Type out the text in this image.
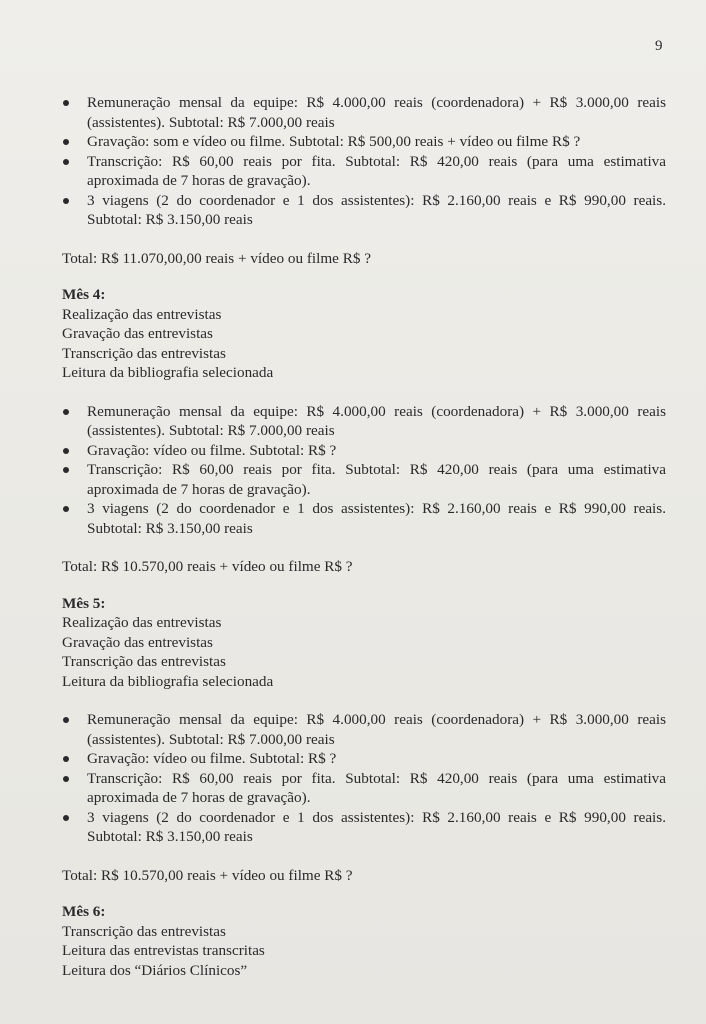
9
Remuneração mensal da equipe: R$ 4.000,00 reais (coordenadora) + R$ 3.000,00 reais (assistentes). Subtotal: R$ 7.000,00 reais
Gravação: som e vídeo ou filme. Subtotal: R$ 500,00 reais + vídeo ou filme R$ ?
Transcrição: R$ 60,00 reais por fita. Subtotal: R$ 420,00 reais (para uma estimativa aproximada de 7 horas de gravação).
3 viagens (2 do coordenador e 1 dos assistentes): R$ 2.160,00 reais e R$ 990,00 reais. Subtotal: R$ 3.150,00 reais

Total: R$ 11.070,00,00 reais + vídeo ou filme R$ ?

Mês 4:

Realização das entrevistas

Gravação das entrevistas

Transcrição das entrevistas

Leitura da bibliografia selecionada

Remuneração mensal da equipe: R$ 4.000,00 reais (coordenadora) + R$ 3.000,00 reais (assistentes). Subtotal: R$ 7.000,00 reais
Gravação: vídeo ou filme. Subtotal: R$ ?
Transcrição: R$ 60,00 reais por fita. Subtotal: R$ 420,00 reais (para uma estimativa aproximada de 7 horas de gravação).
3 viagens (2 do coordenador e 1 dos assistentes): R$ 2.160,00 reais e R$ 990,00 reais. Subtotal: R$ 3.150,00 reais

Total: R$ 10.570,00 reais + vídeo ou filme R$ ?

Mês 5:

Realização das entrevistas

Gravação das entrevistas

Transcrição das entrevistas

Leitura da bibliografia selecionada

Remuneração mensal da equipe: R$ 4.000,00 reais (coordenadora) + R$ 3.000,00 reais (assistentes). Subtotal: R$ 7.000,00 reais
Gravação: vídeo ou filme. Subtotal: R$ ?
Transcrição: R$ 60,00 reais por fita. Subtotal: R$ 420,00 reais (para uma estimativa aproximada de 7 horas de gravação).
3 viagens (2 do coordenador e 1 dos assistentes): R$ 2.160,00 reais e R$ 990,00 reais. Subtotal: R$ 3.150,00 reais

Total: R$ 10.570,00 reais + vídeo ou filme R$ ?

Mês 6:

Transcrição das entrevistas

Leitura das entrevistas transcritas

Leitura dos “Diários Clínicos”
